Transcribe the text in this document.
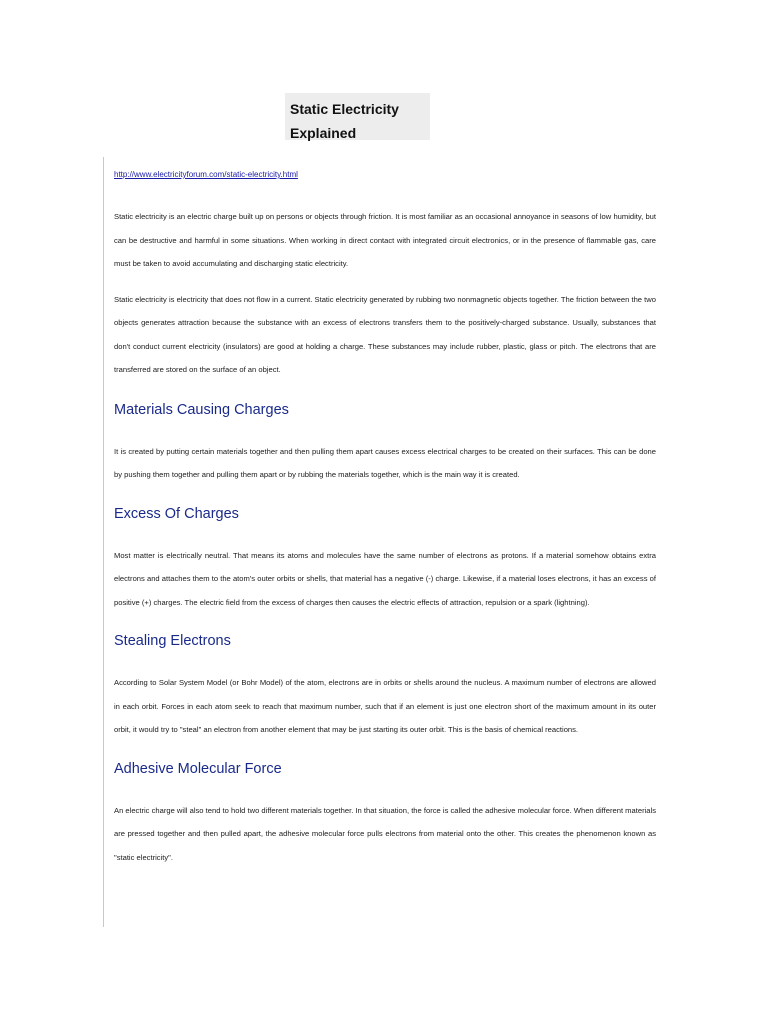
Static Electricity
Explained
http://www.electricityforum.com/static-electricity.html

Static electricity is an electric charge built up on persons or objects through friction. It is most familiar as an occasional annoyance in seasons of low humidity, but can be destructive and harmful in some situations. When working in direct contact with integrated circuit electronics, or in the presence of flammable gas, care must be taken to avoid accumulating and discharging static electricity.

Static electricity is electricity that does not flow in a current. Static electricity generated by rubbing two nonmagnetic objects together. The friction between the two objects generates attraction because the substance with an excess of electrons transfers them to the positively-charged substance. Usually, substances that don't conduct current electricity (insulators) are good at holding a charge. These substances may include rubber, plastic, glass or pitch. The electrons that are transferred are stored on the surface of an object.

Materials Causing Charges

It is created by putting certain materials together and then pulling them apart causes excess electrical charges to be created on their surfaces. This can be done by pushing them together and pulling them apart or by rubbing the materials together, which is the main way it is created.

Excess Of Charges

Most matter is electrically neutral. That means its atoms and molecules have the same number of electrons as protons. If a material somehow obtains extra electrons and attaches them to the atom's outer orbits or shells, that material has a negative (-) charge. Likewise, if a material loses electrons, it has an excess of positive (+) charges. The electric field from the excess of charges then causes the electric effects of attraction, repulsion or a spark (lightning).

Stealing Electrons

According to Solar System Model (or Bohr Model) of the atom, electrons are in orbits or shells around the nucleus. A maximum number of electrons are allowed in each orbit. Forces in each atom seek to reach that maximum number, such that if an element is just one electron short of the maximum amount in its outer orbit, it would try to "steal" an electron from another element that may be just starting its outer orbit. This is the basis of chemical reactions.

Adhesive Molecular Force

An electric charge will also tend to hold two different materials together. In that situation, the force is called the adhesive molecular force. When different materials are pressed together and then pulled apart, the adhesive molecular force pulls electrons from material onto the other. This creates the phenomenon known as "static electricity".
